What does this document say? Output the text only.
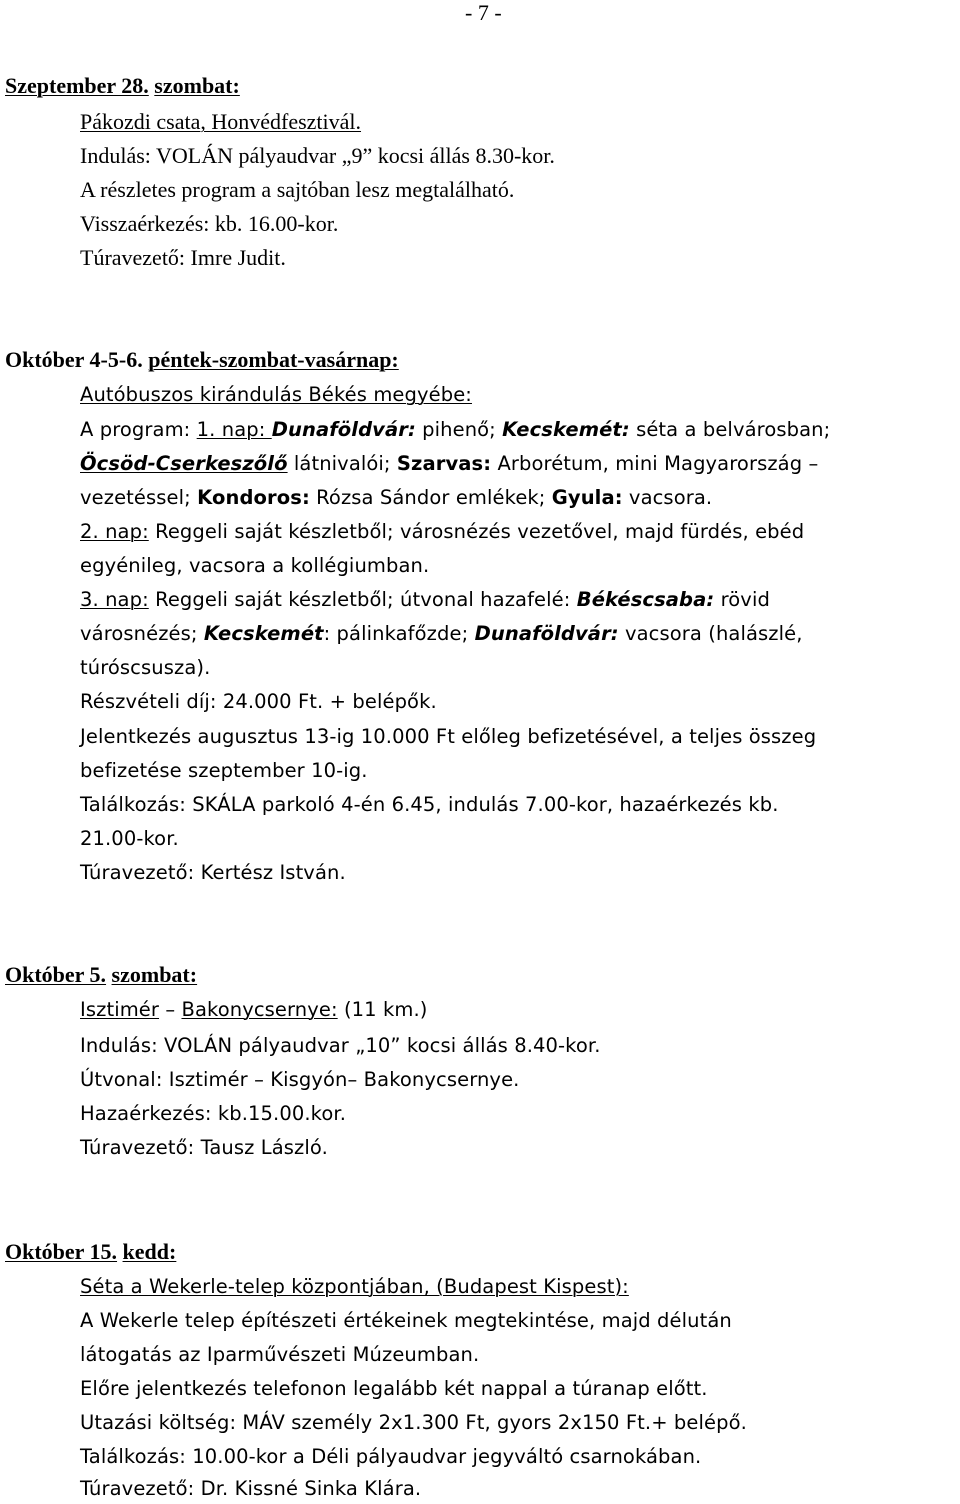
- 7 -
Szeptember 28. szombat:
Pákozdi csata, Honvédfesztivál.
Indulás: VOLÁN pályaudvar „9” kocsi állás 8.30-kor.
A részletes program a sajtóban lesz megtalálható.
Visszaérkezés: kb. 16.00-kor.
Túravezető: Imre Judit.
Október 4-5-6. péntek-szombat-vasárnap:
Autóbuszos kirándulás Békés megyébe:
A program: 1. nap: Dunaföldvár: pihenő; Kecskemét: séta a belvárosban;
Öcsöd-Cserkeszőlő látnivalói; Szarvas: Arborétum, mini Magyarország –
vezetéssel; Kondoros: Rózsa Sándor emlékek; Gyula: vacsora.
2. nap: Reggeli saját készletből; városnézés vezetővel, majd fürdés, ebéd
egyénileg, vacsora a kollégiumban.
3. nap: Reggeli saját készletből; útvonal hazafelé: Békéscsaba: rövid
városnézés; Kecskemét: pálinkafőzde; Dunaföldvár: vacsora (halászlé,
túróscsusza).
Részvételi díj: 24.000 Ft. + belépők.
Jelentkezés augusztus 13-ig 10.000 Ft előleg befizetésével, a teljes összeg
befizetése szeptember 10-ig.
Találkozás: SKÁLA parkoló 4-én 6.45, indulás 7.00-kor, hazaérkezés kb.
21.00-kor.
Túravezető: Kertész István.
Október 5. szombat:
Isztimér – Bakonycsernye: (11 km.)
Indulás: VOLÁN pályaudvar „10” kocsi állás 8.40-kor.
Útvonal: Isztimér – Kisgyón– Bakonycsernye.
Hazaérkezés: kb.15.00.kor.
Túravezető: Tausz László.
Október 15. kedd:
Séta a Wekerle-telep központjában, (Budapest Kispest):
A Wekerle telep építészeti értékeinek megtekintése, majd délután
látogatás az Iparművészeti Múzeumban.
Előre jelentkezés telefonon legalább két nappal a túranap előtt.
Utazási költség: MÁV személy 2x1.300 Ft, gyors 2x150 Ft.+ belépő.
Találkozás: 10.00-kor a Déli pályaudvar jegyváltó csarnokában.
Túravezető: Dr. Kissné Sinka Klára.
